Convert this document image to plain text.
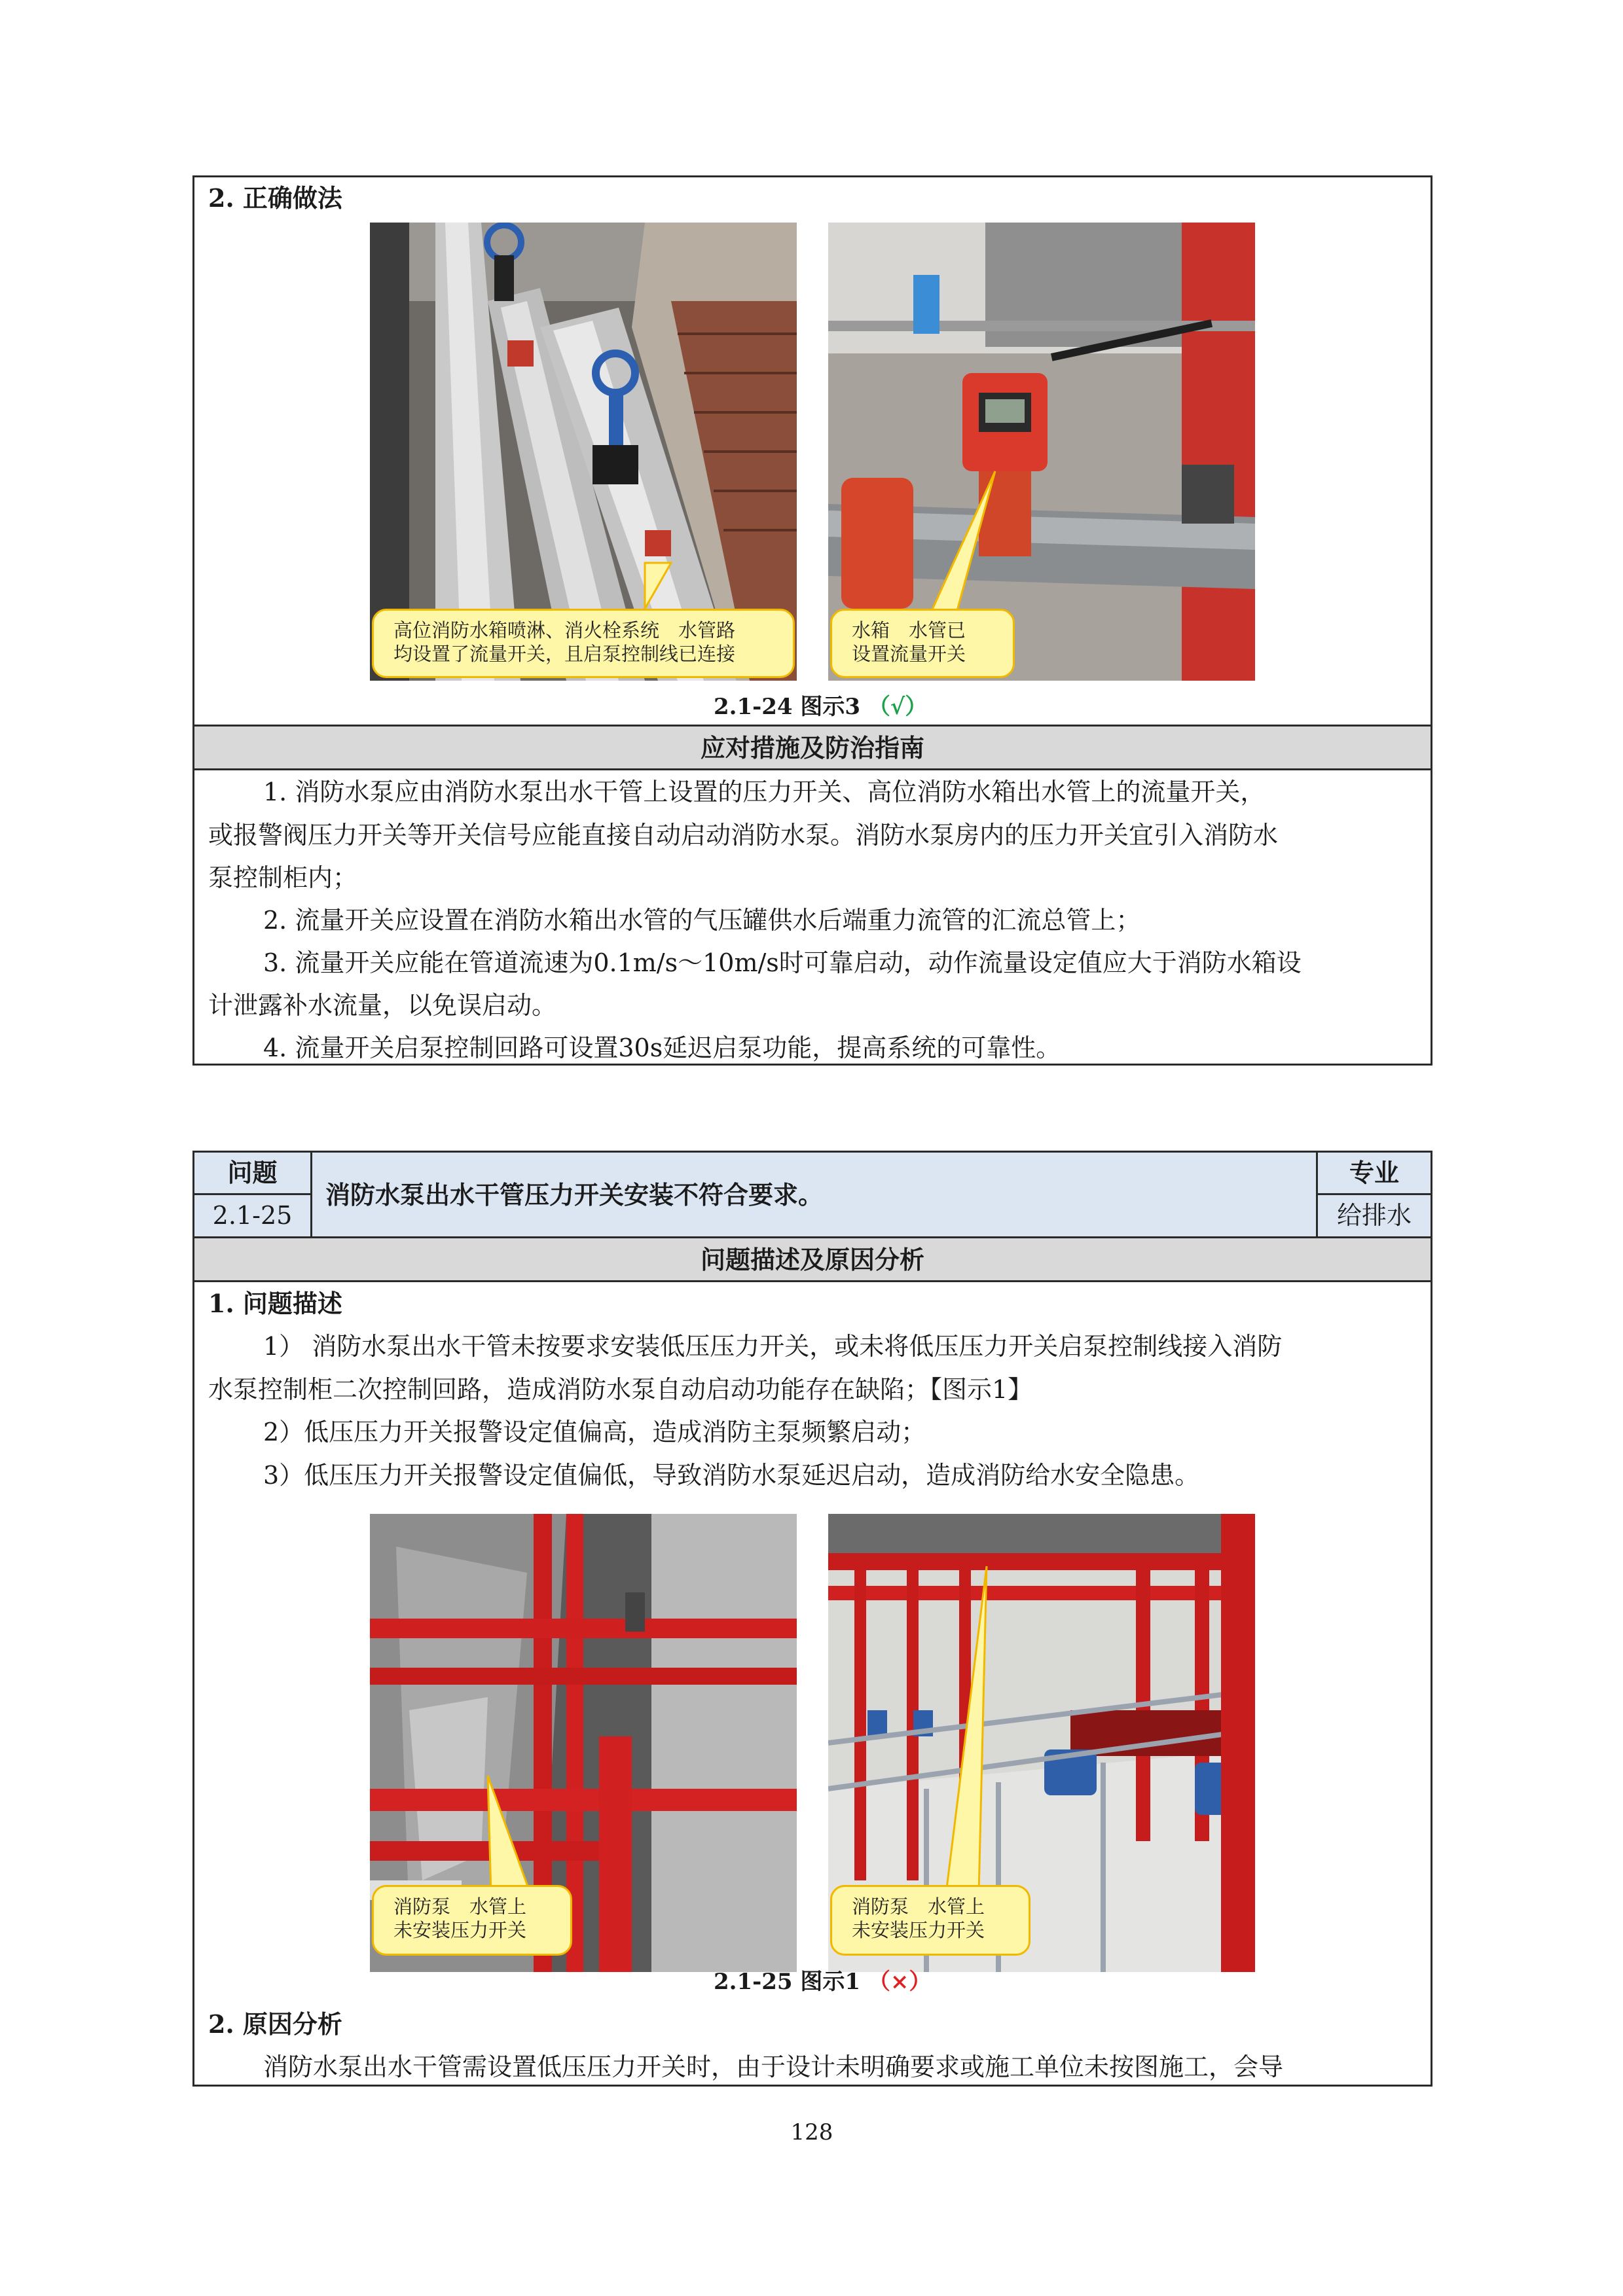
2. 正确做法
高位消防水箱喷淋、消火栓系统　水管路
均设置了流量开关，且启泵控制线已连接
水箱　水管已
设置流量开关
2.1-24 图示3 （√）
应对措施及防治指南
1. 消防水泵应由消防水泵出水干管上设置的压力开关、高位消防水箱出水管上的流量开关，
或报警阀压力开关等开关信号应能直接自动启动消防水泵。消防水泵房内的压力开关宜引入消防水
泵控制柜内；
2. 流量开关应设置在消防水箱出水管的气压罐供水后端重力流管的汇流总管上；
3. 流量开关应能在管道流速为0.1m/s～10m/s时可靠启动，动作流量设定值应大于消防水箱设
计泄露补水流量，以免误启动。
4. 流量开关启泵控制回路可设置30s延迟启泵功能，提高系统的可靠性。
问题
2.1-25
消防水泵出水干管压力开关安装不符合要求。
专业
给排水
问题描述及原因分析
1. 问题描述
1） 消防水泵出水干管未按要求安装低压压力开关，或未将低压压力开关启泵控制线接入消防
水泵控制柜二次控制回路，造成消防水泵自动启动功能存在缺陷；【图示1】
2）低压压力开关报警设定值偏高，造成消防主泵频繁启动；
3）低压压力开关报警设定值偏低，导致消防水泵延迟启动，造成消防给水安全隐患。
消防泵　水管上
未安装压力开关
消防泵　水管上
未安装压力开关
2.1-25 图示1 （×）
2. 原因分析
消防水泵出水干管需设置低压压力开关时，由于设计未明确要求或施工单位未按图施工，会导
128
